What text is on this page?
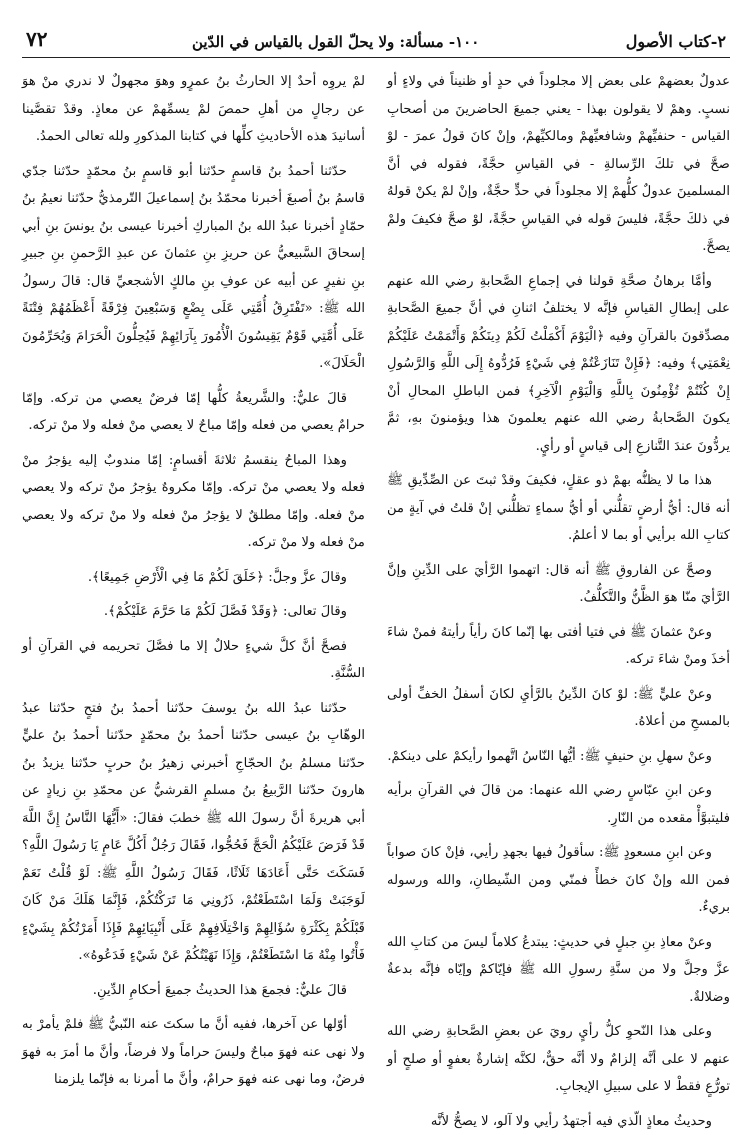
٧٢	١٠٠- مسألة: ولا يحلّ القول بالقياس في الدّين	٢-كتاب الأصول

عدولٌ بعضهمْ على بعض إلا مجلوداً في حدٍ أو ظنيناً في ولاءٍ أو نسبٍ. وهمْ لا يقولون بهذا - يعني جميعَ الحاضرينَ من أصحابِ القياس - حنفيِّهمْ وشافعيِّهمْ ومالكيِّهمْ، وإنْ كانَ قولُ عمرَ - لوْ صحَّ في تلكَ الرِّسالةِ - في القياسِ حجَّةً، فقوله في أنَّ المسلمينَ عدولٌ كلُّهمْ إلا مجلوداً في حدٍّ حجَّةٌ، وإنْ لمْ يكنْ قولهُ في ذلكَ حجَّةً، فليسَ قوله في القياسِ حجَّةً، لوْ صحَّ فكيفَ ولمْ يصحَّ.

وأمَّا برهانُ صحَّةِ قولنا في إجماعِ الصَّحابةِ رضي الله عنهم على إبطالِ القياسِ فإنَّه لا يختلفُ اثنانِ في أنَّ جميعَ الصَّحابةِ مصدِّقونَ بالقرآنِ وفيه ﴿الْيَوْمَ أَكْمَلْتُ لَكُمْ دِينَكُمْ وَأَتْمَمْتُ عَلَيْكُمْ نِعْمَتِي﴾ وفيه: ﴿فَإِنْ تَنَازَعْتُمْ فِي شَيْءٍ فَرُدُّوهُ إِلَى اللَّهِ وَالرَّسُولِ إِنْ كُنْتُمْ تُؤْمِنُونَ بِاللَّهِ وَالْيَوْمِ الْآخِرِ﴾ فمن الباطلِ المحالِ أنْ يكونَ الصَّحابةُ رضي الله عنهم يعلمونَ هذا ويؤمنونَ بهِ، ثمَّ يردُّونَ عندَ التَّنازعِ إلى قياسٍ أو رأيٍ.

هذا ما لا يظنُّه بهمْ ذو عقلٍ، فكيفَ وقدْ ثبتَ عن الصِّدِّيقِ ﷺ أنه قال: أيُّ أرضٍ تقلُّني أو أيُّ سماءٍ تظلُّني إنْ قلتُ في آيةٍ من كتابِ الله برأيي أو بما لا أعلمُ.

وصحَّ عن الفاروقِ ﷺ أنه قال: اتهموا الرَّأيَ على الدِّينِ وإنَّ الرَّأيَ منّا هوَ الظَّنُّ والتَّكلُّفُ.

وعنْ عثمانَ ﷺ في فتيا أفتى بها إنّما كانَ رأياً رأيتهُ فمنْ شاءَ أخذَ ومنْ شاءَ تركه.

وعنْ عليٍّ ﷺ: لوْ كانَ الدِّينُ بالرَّأيِ لكانَ أسفلُ الخفِّ أولى بالمسحِ من أعلاهُ.

وعنْ سهلِ بنِ حنيفٍ ﷺ: أيُّها النّاسُ اتَّهموا رأيكمْ على دينكمْ.

وعن ابنِ عبّاسٍ رضي الله عنهما: من قالَ في القرآنِ برأيه فليتبوَّأْ مقعده من النّارِ.

وعن ابنِ مسعودٍ ﷺ: سأقولُ فيها بجهدِ رأيي، فإنْ كانَ صواباً فمن الله وإنْ كانَ خطأً فمنّي ومن الشّيطانِ، والله ورسوله بريءٌ.

وعنْ معاذِ بنِ جبلٍ في حديثٍ: يبتدعُ كلاماً ليسَ من كتابِ الله عزَّ وجلَّ ولا من سنَّةِ رسولِ الله ﷺ فإيّاكمْ وإيّاه فإنَّه بدعةٌ وضلالةٌ.

وعلى هذا النّحوِ كلُّ رأيٍ رويَ عن بعضِ الصَّحابةِ رضي الله عنهم لا على أنَّه إلزامٌ ولا أنَّه حقٌّ، لكنَّه إشارةٌ بعفوٍ أو صلحٍ أو تورُّعٍ فقطْ لا على سبيلِ الإيجابِ.

وحديثُ معاذٍ الّذي فيه أجتهدُ رأيي ولا آلو، لا يصحُّ لأنَّه

لمْ يروِه أحدٌ إلا الحارثُ بنُ عمرٍو وهوَ مجهولٌ لا ندري منْ هوَ عن رجالٍ من أهلِ حمصَ لمْ يسمِّهمْ عن معاذٍ. وقدْ تقصَّينا أسانيدَ هذه الأحاديثِ كلِّها في كتابنا المذكورِ ولله تعالى الحمدُ.

حدّثنا أحمدُ بنُ قاسمٍ حدّثنا أبو قاسمٍ بنُ محمّدٍ حدّثنا جدّي قاسمُ بنُ أصبغَ أخبرنا محمّدُ بنُ إسماعيلَ التّرمذيُّ حدّثنا نعيمُ بنُ حمّادٍ أخبرنا عبدُ الله بنُ المباركِ أخبرنا عيسى بنُ يونسَ بنِ أبي إسحاقَ السَّبيعيُّ عن حريزِ بنِ عثمانَ عن عبدِ الرَّحمنِ بنِ جبيرِ بنِ نفيرٍ عن أبيه عن عوفِ بنِ مالكٍ الأشجعيِّ قال: قالَ رسولُ الله ﷺ: «تَفْتَرِقُ أُمَّتِي عَلَى بِضْعٍ وَسَبْعِينَ فِرْقَةً أَعْظَمُهُمْ فِتْنَةً عَلَى أُمَّتِي قَوْمٌ يَقِيسُونَ الْأُمُورَ بِآرَائِهِمْ فَيُحِلُّونَ الْحَرَامَ وَيُحَرِّمُونَ الْحَلَالَ».

قالَ عليٌّ: والشَّريعةُ كلُّها إمّا فرضٌ يعصي من تركه. وإمّا حرامٌ يعصي من فعله وإمّا مباحٌ لا يعصي منْ فعله ولا منْ تركه.

وهذا المباحُ ينقسمُ ثلاثةَ أقسامٍ: إمّا مندوبٌ إليه يؤجرُ منْ فعله ولا يعصي منْ تركه. وإمّا مكروهٌ يؤجرُ منْ تركه ولا يعصي منْ فعله. وإمّا مطلقٌ لا يؤجرُ منْ فعله ولا منْ تركه ولا يعصي منْ فعله ولا منْ تركه.

وقالَ عزَّ وجلَّ: ﴿خَلَقَ لَكُمْ مَا فِي الْأَرْضِ جَمِيعًا﴾.

وقالَ تعالى: ﴿وَقَدْ فَصَّلَ لَكُمْ مَا حَرَّمَ عَلَيْكُمْ﴾.

فصحَّ أنَّ كلَّ شيءٍ حلالٌ إلا ما فصَّلَ تحريمه في القرآنِ أو السُّنَّةِ.

حدّثنا عبدُ الله بنُ يوسفَ حدّثنا أحمدُ بنُ فتحٍ حدّثنا عبدُ الوهّابِ بنُ عيسى حدّثنا أحمدُ بنُ محمّدٍ حدّثنا أحمدُ بنُ عليٍّ حدّثنا مسلمُ بنُ الحجّاجِ أخبرني زهيرُ بنُ حربٍ حدّثنا يزيدُ بنُ هارونَ حدّثنا الرَّبيعُ بنُ مسلمٍ القرشيُّ عن محمّدِ بنِ زيادٍ عن أبي هريرةَ أنَّ رسولَ الله ﷺ خطبَ فقالَ: «أَيُّهَا النَّاسُ إِنَّ اللَّهَ قَدْ فَرَضَ عَلَيْكُمُ الْحَجَّ فَحُجُّوا، فَقَالَ رَجُلٌ أَكُلَّ عَامٍ يَا رَسُولَ اللَّهِ؟ فَسَكَتَ حَتَّى أَعَادَهَا ثَلَاثًا، فَقَالَ رَسُولُ اللَّهِ ﷺ: لَوْ قُلْتُ نَعَمْ لَوَجَبَتْ وَلَمَا اسْتَطَعْتُمْ، ذَرُونِي مَا تَرَكْتُكُمْ، فَإِنَّمَا هَلَكَ مَنْ كَانَ قَبْلَكُمْ بِكَثْرَةِ سُؤَالِهِمْ وَاخْتِلَافِهِمْ عَلَى أَنْبِيَائِهِمْ فَإِذَا أَمَرْتُكُمْ بِشَيْءٍ فَأْتُوا مِنْهُ مَا اسْتَطَعْتُمْ، وَإِذَا نَهَيْتُكُمْ عَنْ شَيْءٍ فَدَعُوهُ».

قالَ عليٌّ: فجمعَ هذا الحديثُ جميعَ أحكامِ الدِّينِ.

أوّلها عن آخرها، ففيه أنَّ ما سكتَ عنه النّبيُّ ﷺ فلمْ يأمرْ به ولا نهى عنه فهوَ مباحٌ وليسَ حراماً ولا فرضاً، وأنَّ ما أمرَ به فهوَ فرضٌ، وما نهى عنه فهوَ حرامٌ، وأنَّ ما أمرنا به فإنّما يلزمنا
